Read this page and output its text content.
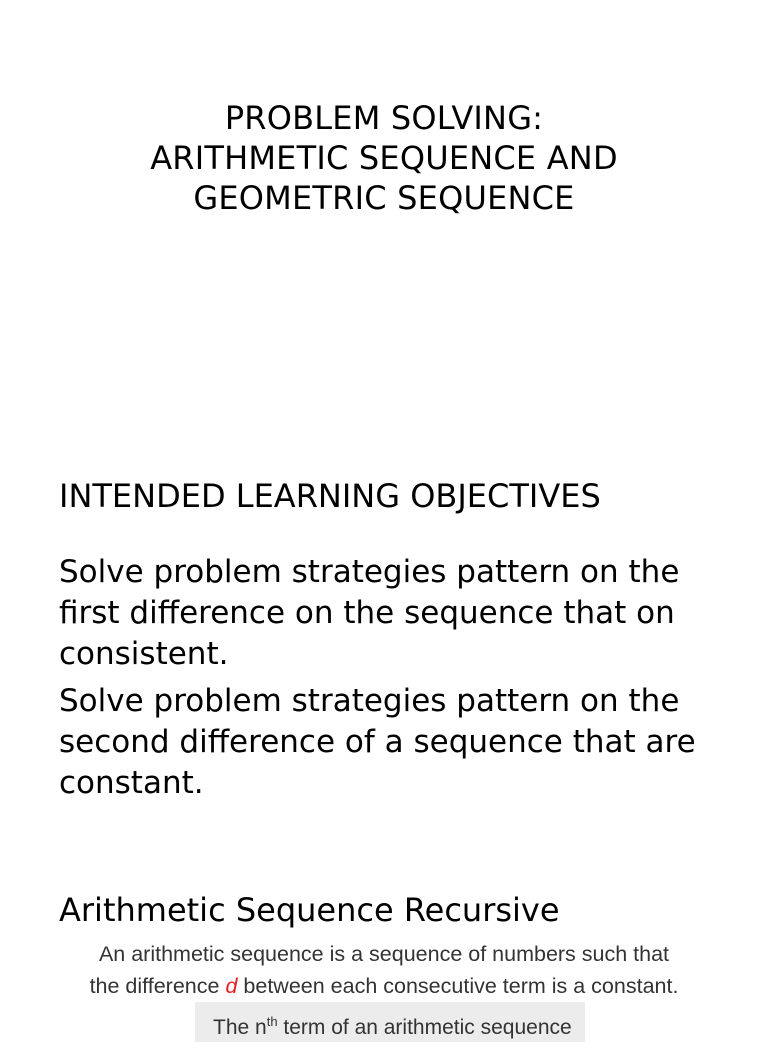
PROBLEM SOLVING:
ARITHMETIC SEQUENCE AND
GEOMETRIC SEQUENCE
INTENDED LEARNING OBJECTIVES
Solve problem strategies pattern on the first difference on the sequence that on consistent.
Solve problem strategies pattern on the second difference of a sequence that are constant.
Arithmetic Sequence Recursive
An arithmetic sequence is a sequence of numbers such that
the difference d between each consecutive term is a constant.
The $n^{th}$ term of an arithmetic sequence
